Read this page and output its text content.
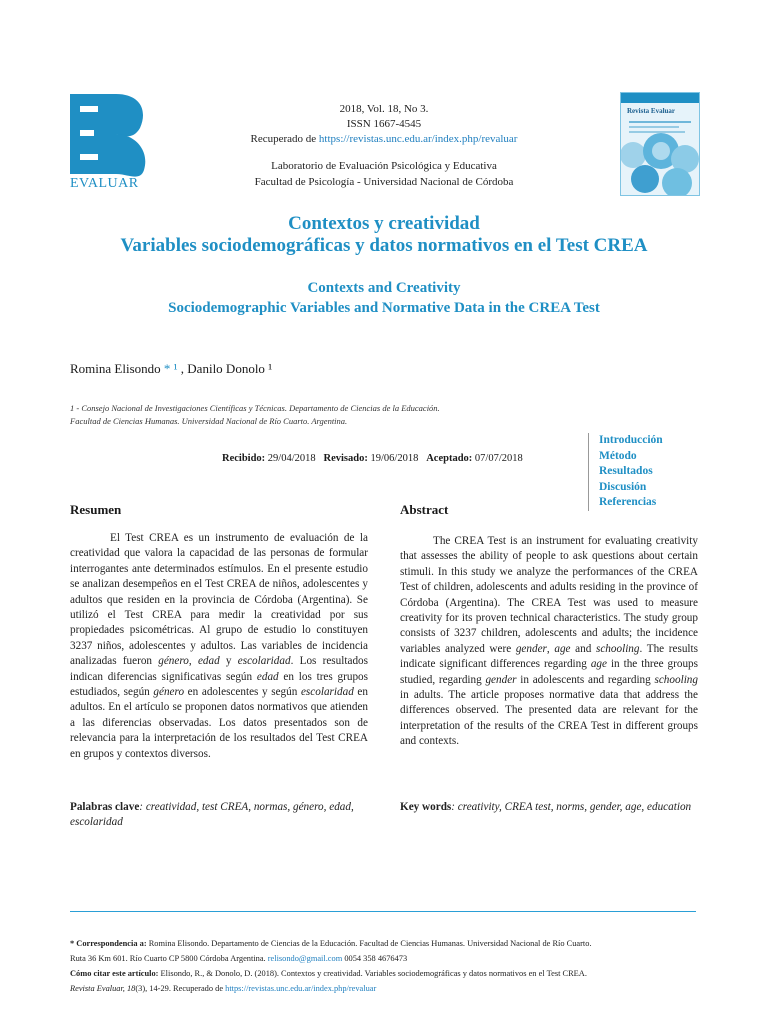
EVALUAR
2018, Vol. 18, No 3.
ISSN 1667-4545
Recuperado de https://revistas.unc.edu.ar/index.php/revaluar
Laboratorio de Evaluación Psicológica y Educativa
Facultad de Psicología - Universidad Nacional de Córdoba
Revista Evaluar
Contextos y creatividad
Variables sociodemográficas y datos normativos en el Test CREA
Contexts and Creativity
Sociodemographic Variables and Normative Data in the CREA Test
Romina Elisondo * ¹ , Danilo Donolo ¹
1 - Consejo Nacional de Investigaciones Científicas y Técnicas. Departamento de Ciencias de la Educación.
Facultad de Ciencias Humanas. Universidad Nacional de Río Cuarto. Argentina.
Recibido: 29/04/2018 Revisado: 19/06/2018 Aceptado: 07/07/2018
Introducción
Método
Resultados
Discusión
Referencias
Resumen
El Test CREA es un instrumento de evaluación de la creatividad que valora la capacidad de las personas de formular interrogantes ante determinados estímulos. En el presente estudio se analizan desempeños en el Test CREA de niños, adolescentes y adultos que residen en la provincia de Córdoba (Argentina). Se utilizó el Test CREA para medir la creatividad por sus propiedades psicométricas. Al grupo de estudio lo constituyen 3237 niños, adolescentes y adultos. Las variables de incidencia analizadas fueron género, edad y escolaridad. Los resultados indican diferencias significativas según edad en los tres grupos estudiados, según género en adolescentes y según escolaridad en adultos. En el artículo se proponen datos normativos que atienden a las diferencias observadas. Los datos presentados son de relevancia para la interpretación de los resultados del Test CREA en grupos y contextos diversos.
Palabras clave: creatividad, test CREA, normas, género, edad, escolaridad
Abstract
The CREA Test is an instrument for evaluating creativity that assesses the ability of people to ask questions about certain stimuli. In this study we analyze the performances of the CREA Test of children, adolescents and adults residing in the province of Córdoba (Argentina). The CREA Test was used to measure creativity for its proven technical characteristics. The study group consists of 3237 children, adolescents and adults; the incidence variables analyzed were gender, age and schooling. The results indicate significant differences regarding age in the three groups studied, regarding gender in adolescents and regarding schooling in adults. The article proposes normative data that address the differences observed. The presented data are relevant for the interpretation of the results of the CREA Test in different groups and contexts.
Key words: creativity, CREA test, norms, gender, age, education
* Correspondencia a: Romina Elisondo. Departamento de Ciencias de la Educación. Facultad de Ciencias Humanas. Universidad Nacional de Río Cuarto.
Ruta 36 Km 601. Río Cuarto CP 5800 Córdoba Argentina. relisondo@gmail.com 0054 358 4676473
Cómo citar este artículo: Elisondo, R., & Donolo, D. (2018). Contextos y creatividad. Variables sociodemográficas y datos normativos en el Test CREA.
Revista Evaluar, 18(3), 14-29. Recuperado de https://revistas.unc.edu.ar/index.php/revaluar
